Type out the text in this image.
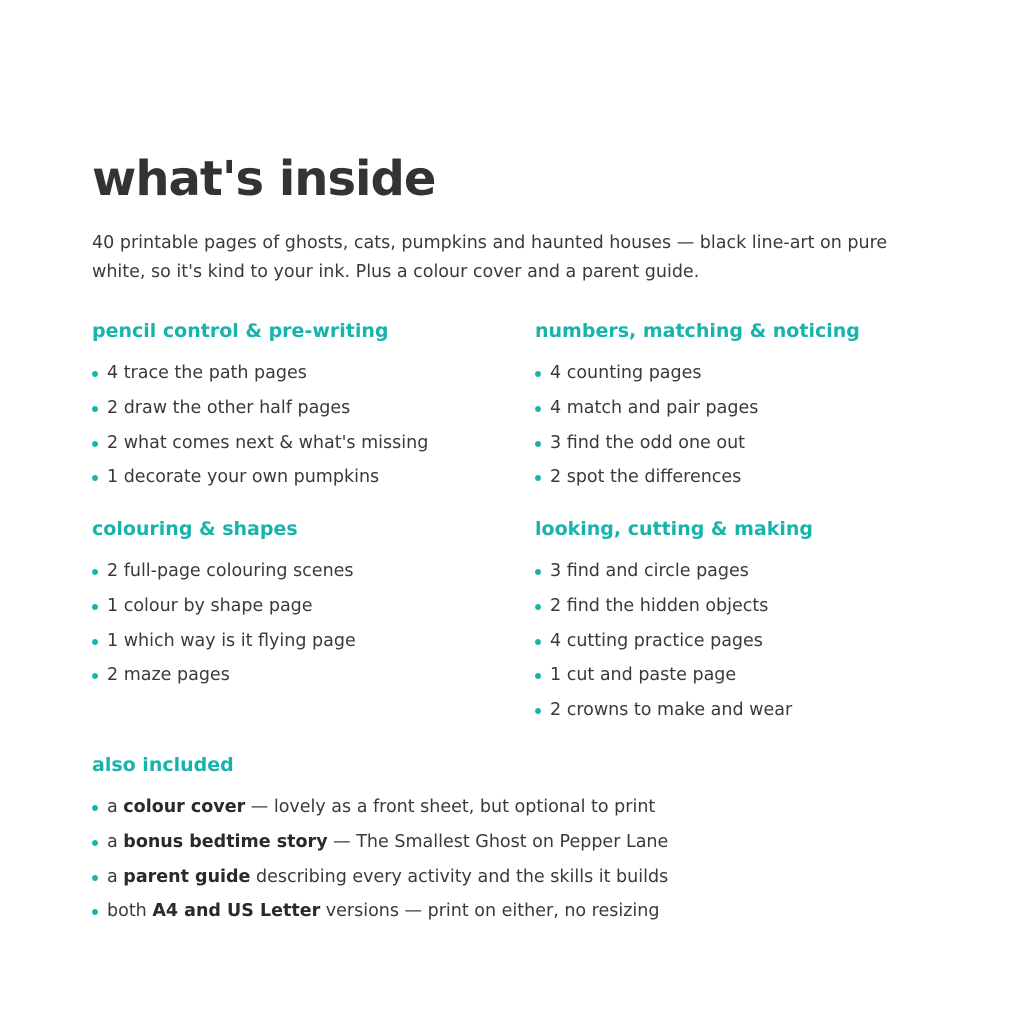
what's inside

40 printable pages of ghosts, cats, pumpkins and haunted houses — black line-art on pure white, so it's kind to your ink. Plus a colour cover and a parent guide.

pencil control & pre-writing
4 trace the path pages
2 draw the other half pages
2 what comes next & what's missing
1 decorate your own pumpkins
numbers, matching & noticing
4 counting pages
4 match and pair pages
3 find the odd one out
2 spot the differences
colouring & shapes
2 full-page colouring scenes
1 colour by shape page
1 which way is it flying page
2 maze pages
looking, cutting & making
3 find and circle pages
2 find the hidden objects
4 cutting practice pages
1 cut and paste page
2 crowns to make and wear
also included
a colour cover — lovely as a front sheet, but optional to print
a bonus bedtime story — The Smallest Ghost on Pepper Lane
a parent guide describing every activity and the skills it builds
both A4 and US Letter versions — print on either, no resizing
